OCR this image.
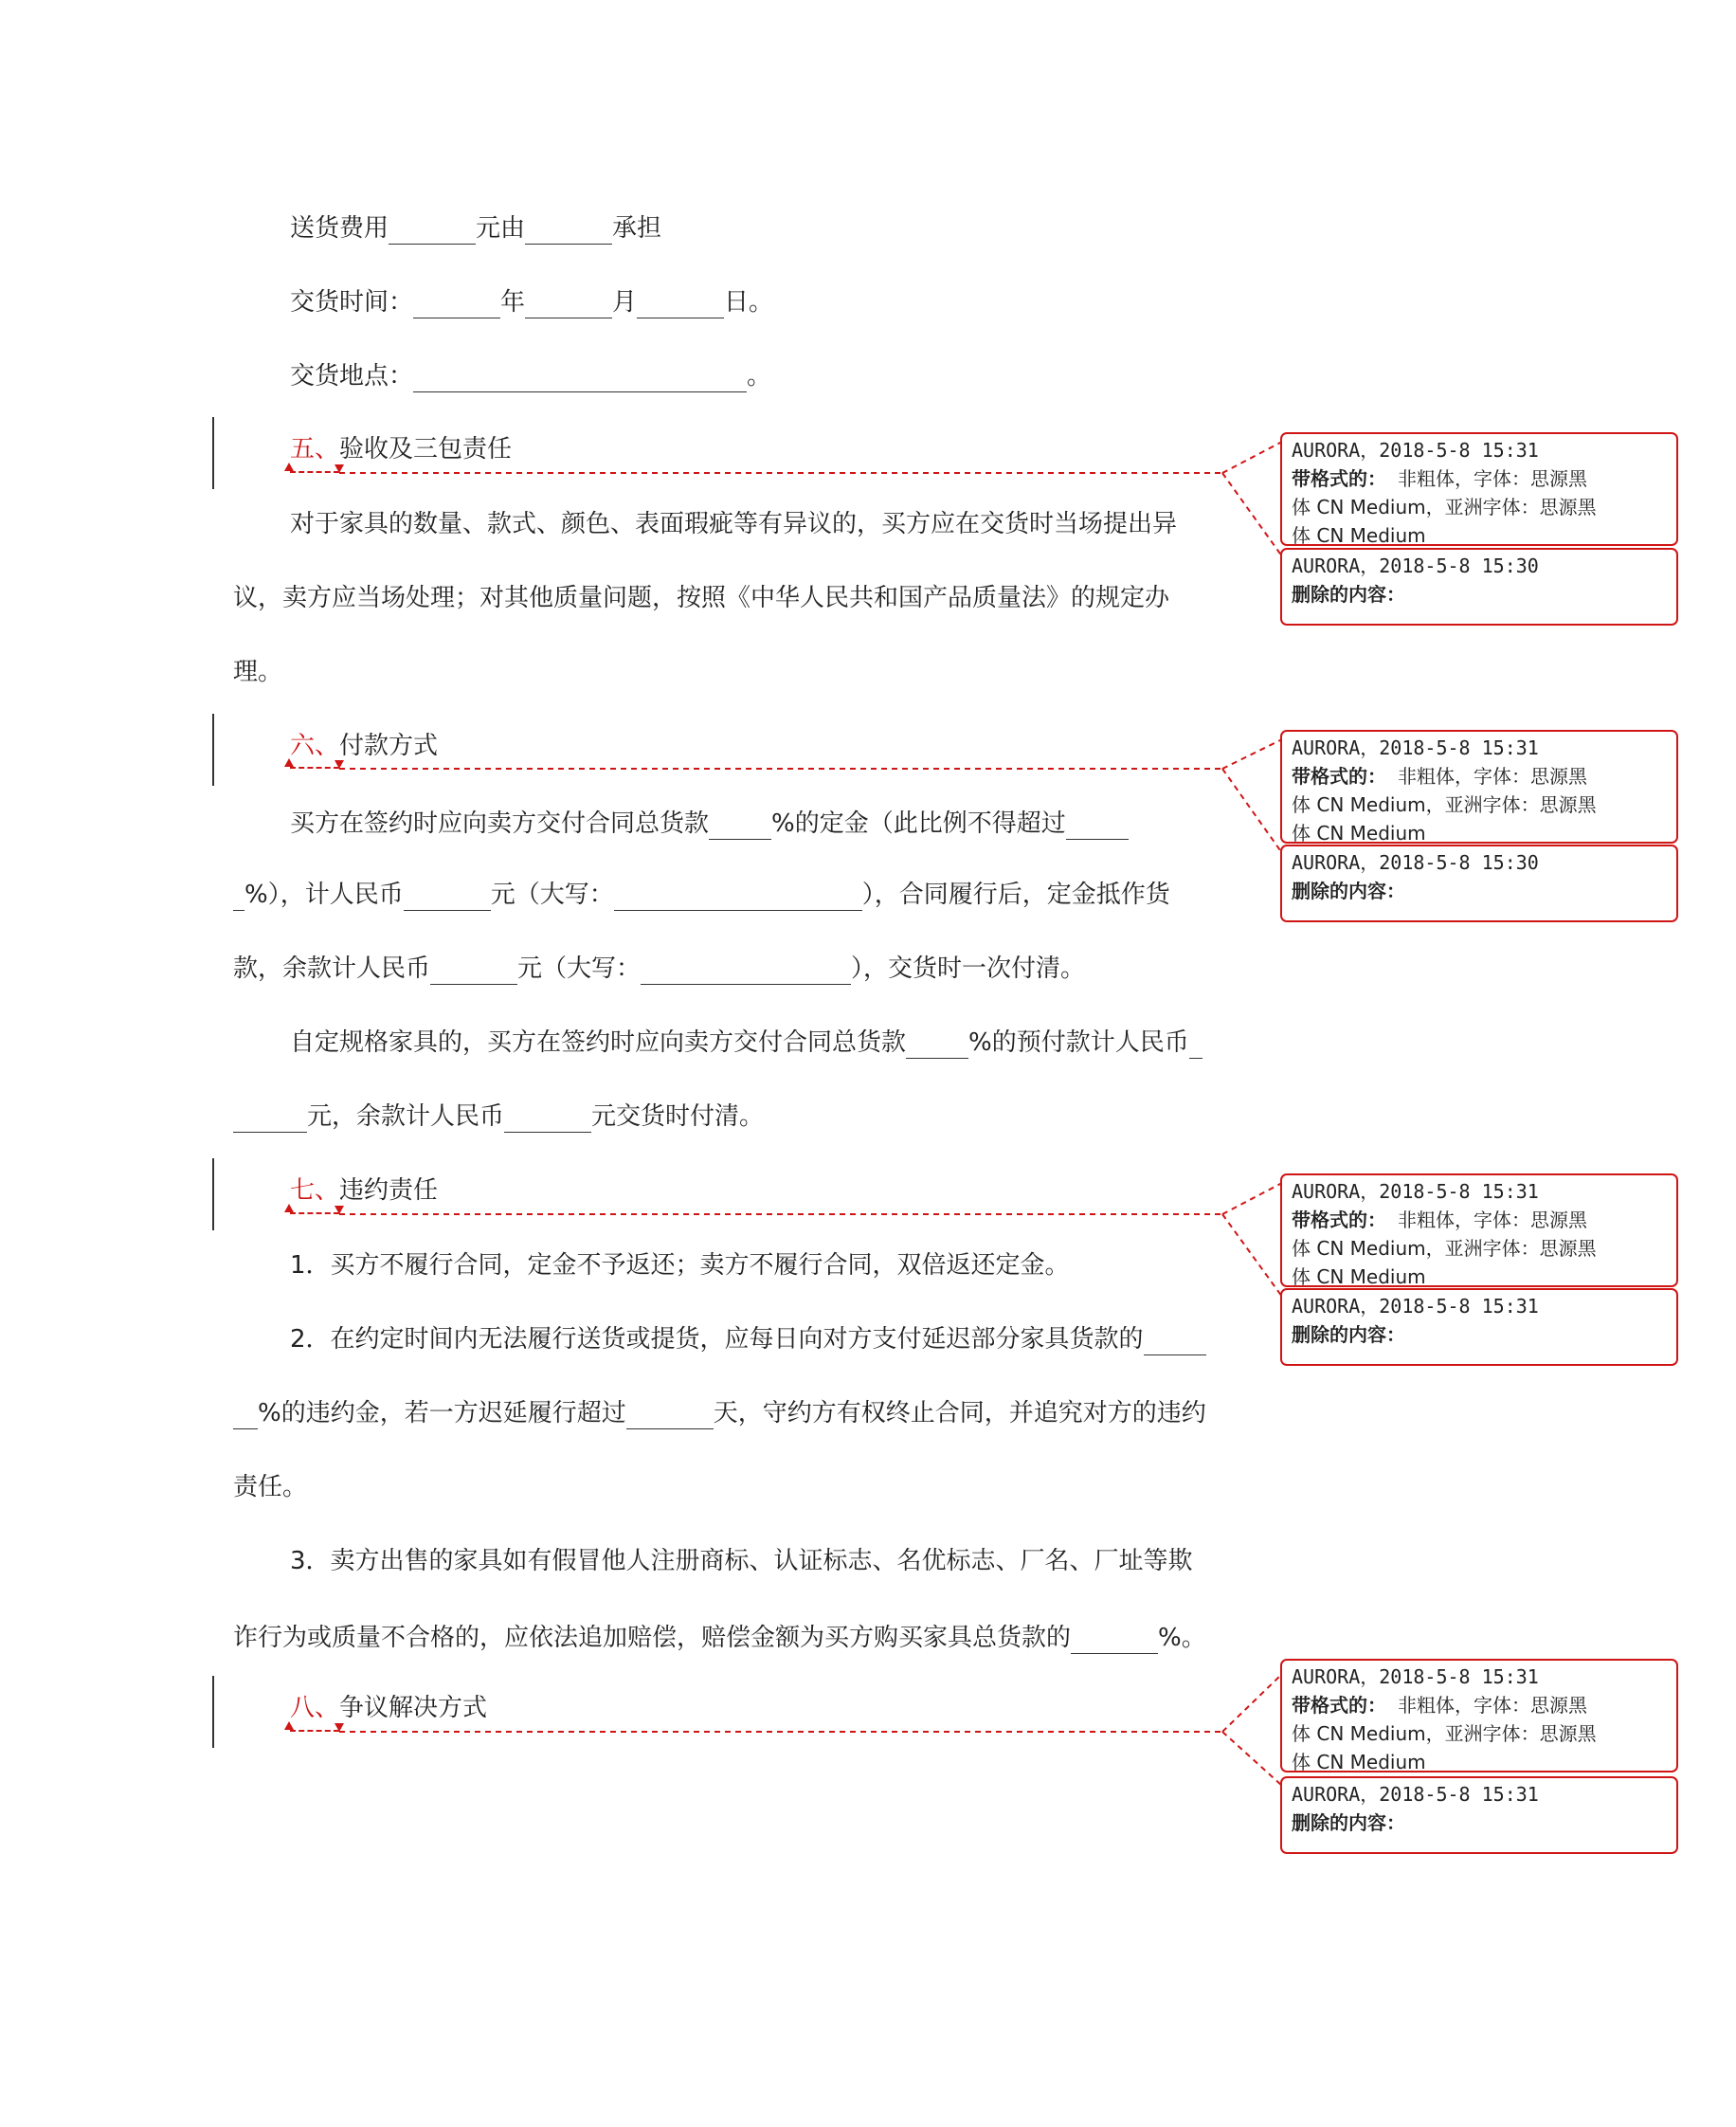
送货费用	元由	承担
交货时间：	年	月	日。
交货地点：	。
五、验收及三包责任
对于家具的数量、款式、颜色、表面瑕疵等有异议的，买方应在交货时当场提出异
议，卖方应当场处理；对其他质量问题，按照《中华人民共和国产品质量法》的规定办
理。
六、付款方式
买方在签约时应向卖方交付合同总货款	%的定金（此比例不得超过
%），计人民币	元（大写：	），合同履行后，定金抵作货
款，余款计人民币	元（大写：	），交货时一次付清。
自定规格家具的，买方在签约时应向卖方交付合同总货款	%的预付款计人民币
元，余款计人民币	元交货时付清。
七、违约责任
1．买方不履行合同，定金不予返还；卖方不履行合同，双倍返还定金。
2．在约定时间内无法履行送货或提货，应每日向对方支付延迟部分家具货款的
%的违约金，若一方迟延履行超过	天，守约方有权终止合同，并追究对方的违约
责任。
3．卖方出售的家具如有假冒他人注册商标、认证标志、名优标志、厂名、厂址等欺
诈行为或质量不合格的，应依法追加赔偿，赔偿金额为买方购买家具总货款的	%。
八、争议解决方式
AURORA，2018-5-8 15:31
带格式的： 非粗体，字体：思源黑
体 CN Medium，亚洲字体：思源黑
体 CN Medium
AURORA，2018-5-8 15:30
删除的内容：
AURORA，2018-5-8 15:31
带格式的： 非粗体，字体：思源黑
体 CN Medium，亚洲字体：思源黑
体 CN Medium
AURORA，2018-5-8 15:30
删除的内容：
AURORA，2018-5-8 15:31
带格式的： 非粗体，字体：思源黑
体 CN Medium，亚洲字体：思源黑
体 CN Medium
AURORA，2018-5-8 15:31
删除的内容：
AURORA，2018-5-8 15:31
带格式的： 非粗体，字体：思源黑
体 CN Medium，亚洲字体：思源黑
体 CN Medium
AURORA，2018-5-8 15:31
删除的内容：
